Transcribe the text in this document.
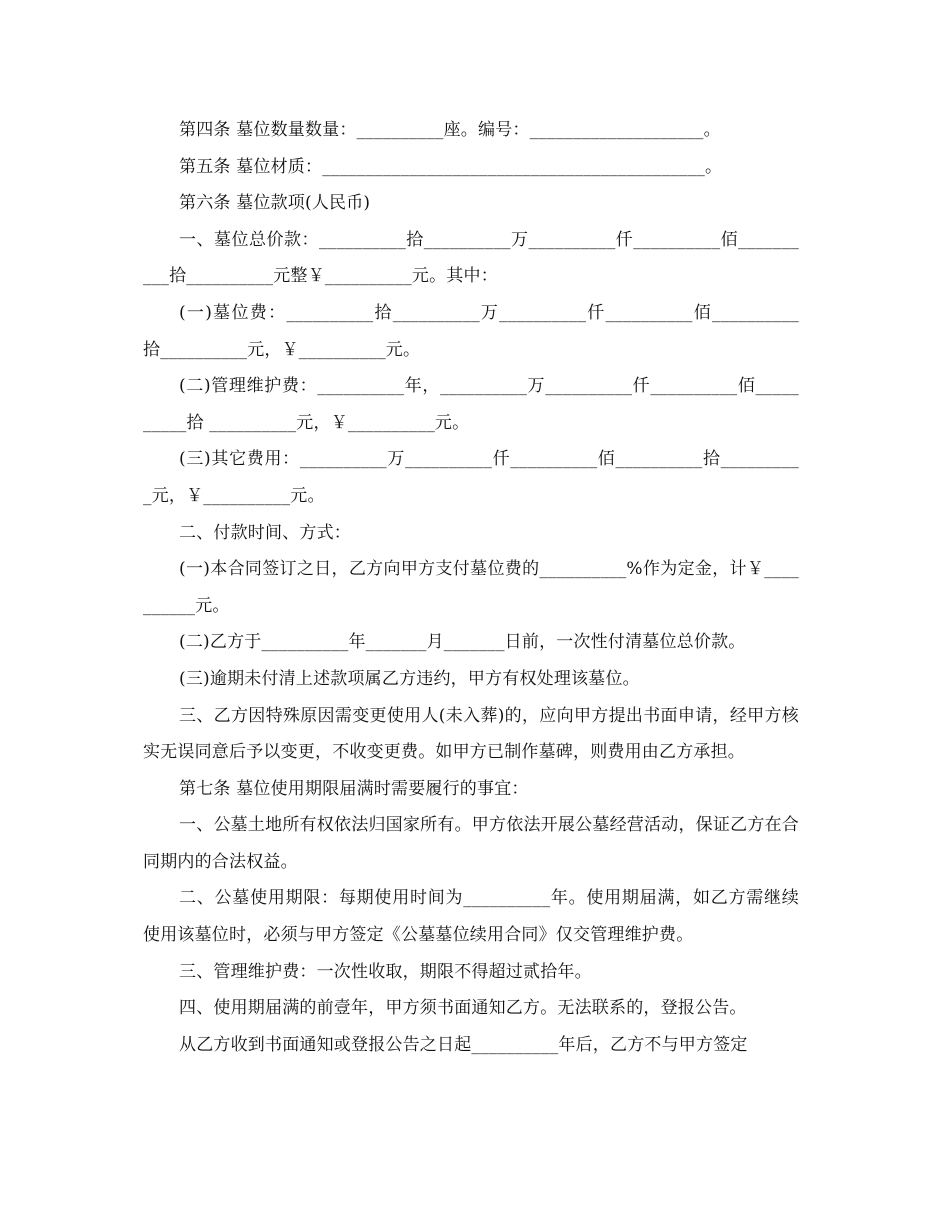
第四条 墓位数量数量：__________座。编号：____________________。

第五条 墓位材质：____________________________________________。

第六条 墓位款项(人民币)

一、墓位总价款：__________拾__________万__________仟__________佰__________拾__________元整￥__________元。其中：

(一)墓位费：__________拾__________万__________仟__________佰__________拾__________元，￥__________元。

(二)管理维护费：__________年，__________万__________仟__________佰__________拾 __________元，￥__________元。

(三)其它费用：__________万__________仟__________佰__________拾__________元，￥__________元。

二、付款时间、方式：

(一)本合同签订之日，乙方向甲方支付墓位费的__________%作为定金，计￥__________元。

(二)乙方于__________年_______月_______日前，一次性付清墓位总价款。

(三)逾期未付清上述款项属乙方违约，甲方有权处理该墓位。

三、乙方因特殊原因需变更使用人(未入葬)的，应向甲方提出书面申请，经甲方核实无误同意后予以变更，不收变更费。如甲方已制作墓碑，则费用由乙方承担。

第七条 墓位使用期限届满时需要履行的事宜：

一、公墓土地所有权依法归国家所有。甲方依法开展公墓经营活动，保证乙方在合同期内的合法权益。

二、公墓使用期限：每期使用时间为__________年。使用期届满，如乙方需继续使用该墓位时，必须与甲方签定《公墓墓位续用合同》仅交管理维护费。

三、管理维护费：一次性收取，期限不得超过贰拾年。

四、使用期届满的前壹年，甲方须书面通知乙方。无法联系的，登报公告。

从乙方收到书面通知或登报公告之日起__________年后，乙方不与甲方签定
